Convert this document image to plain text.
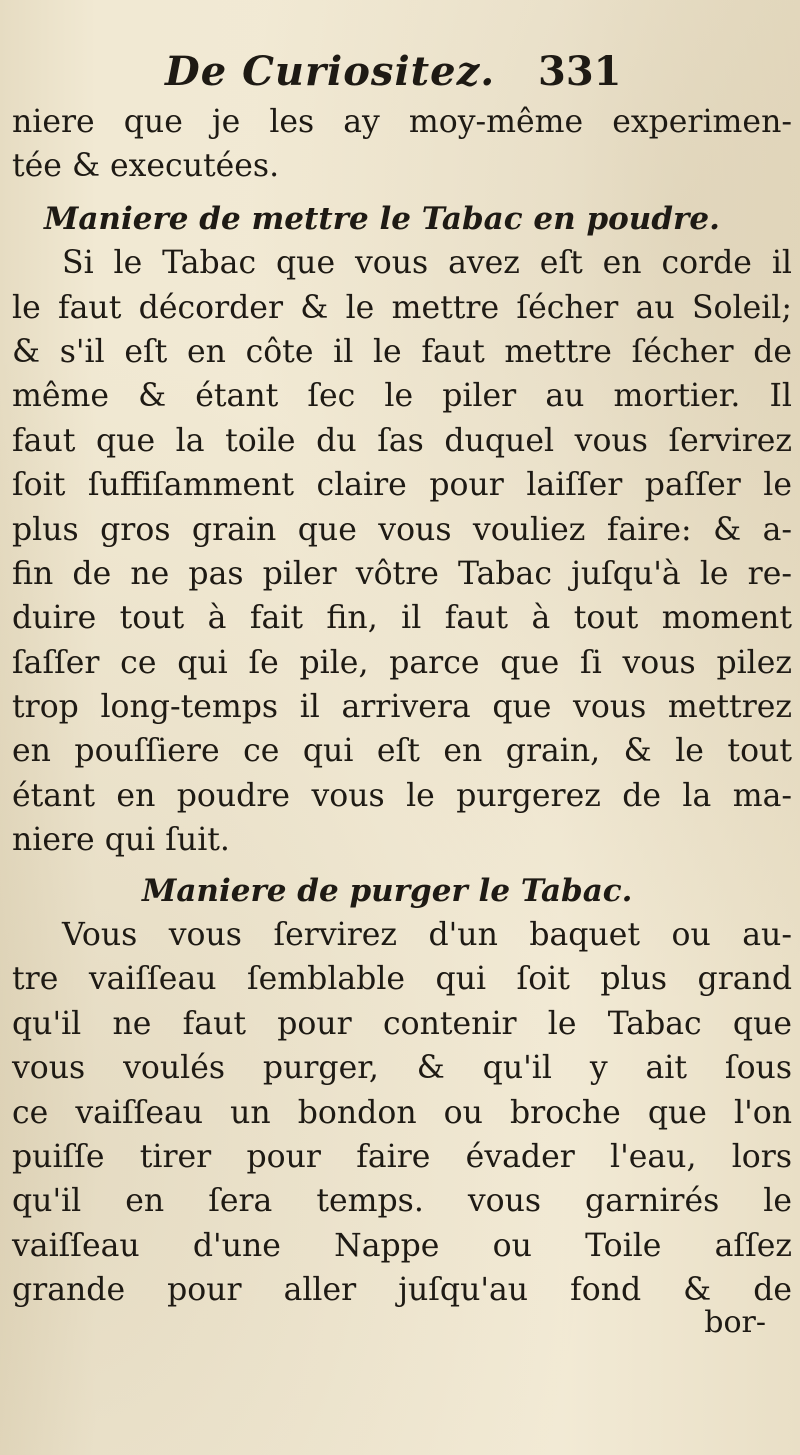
De Curiositez. 331
niere que je les ay moy-même experimen-
tée & executées.
Maniere de mettre le Tabac en poudre.
Si le Tabac que vous avez eſt en corde il
le faut décorder & le mettre ſécher au Soleil;
& s'il eſt en côte il le faut mettre ſécher de
même & étant ſec le piler au mortier. Il
faut que la toile du ſas duquel vous ſervirez
ſoit ſuffiſamment claire pour laiſſer paſſer le
plus gros grain que vous vouliez faire: & a-
fin de ne pas piler vôtre Tabac juſqu'à le re-
duire tout à fait fin, il faut à tout moment
ſaſſer ce qui ſe pile, parce que ſi vous pilez
trop long-temps il arrivera que vous mettrez
en pouſſiere ce qui eſt en grain, & le tout
étant en poudre vous le purgerez de la ma-
niere qui ſuit.
Maniere de purger le Tabac.
Vous vous ſervirez d'un baquet ou au-
tre vaiſſeau ſemblable qui ſoit plus grand
qu'il ne faut pour contenir le Tabac que
vous voulés purger, & qu'il y ait ſous
ce vaiſſeau un bondon ou broche que l'on
puiſſe tirer pour faire évader l'eau, lors
qu'il en ſera temps. vous garnirés le
vaiſſeau d'une Nappe ou Toile aſſez
grande pour aller juſqu'au fond & de
bor-
